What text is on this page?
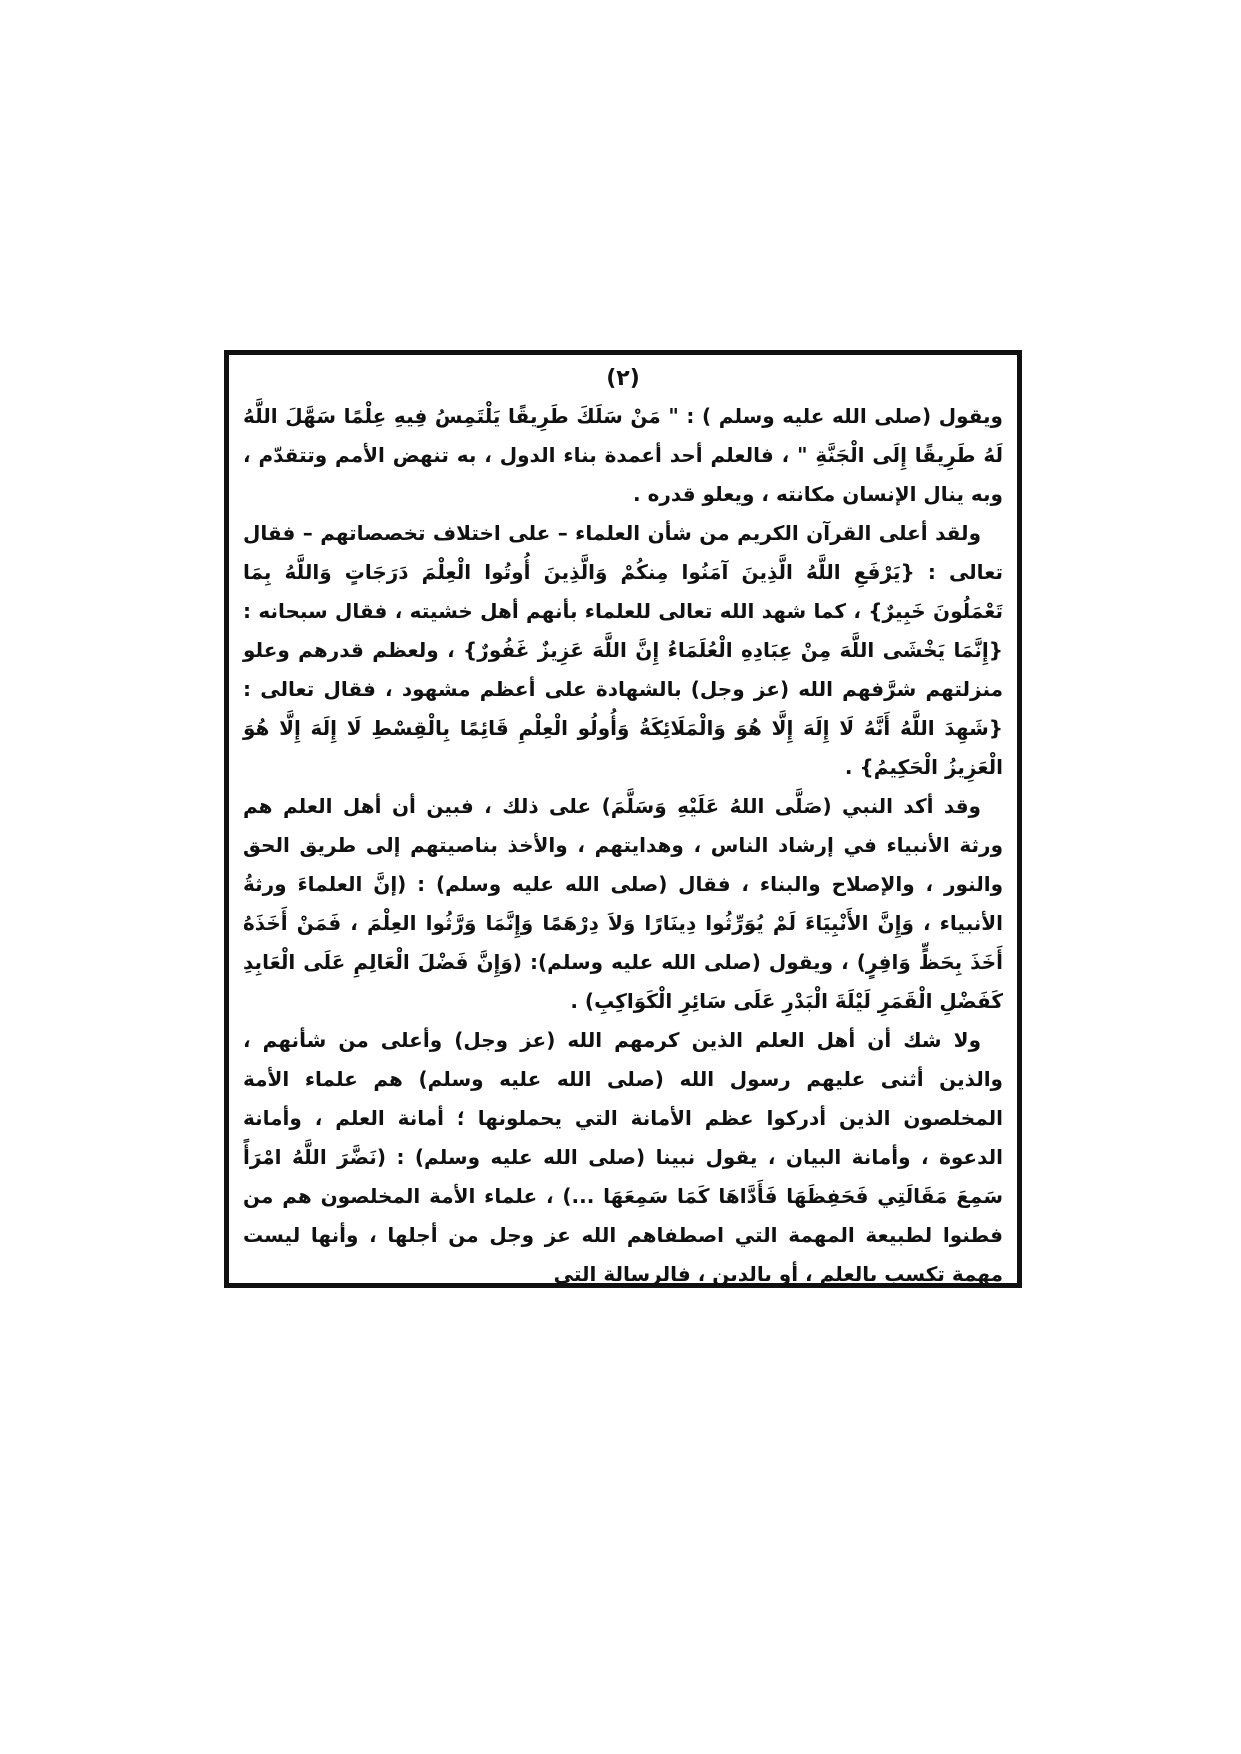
(٢)

ويقول (صلى الله عليه وسلم ) : " مَنْ سَلَكَ طَرِيقًا يَلْتَمِسُ فِيهِ عِلْمًا سَهَّلَ اللَّهُ لَهُ طَرِيقًا إِلَى الْجَنَّةِ " ، فالعلم أحد أعمدة بناء الدول ، به تنهض الأمم وتتقدّم ، وبه ينال الإنسان مكانته ، ويعلو قدره .

ولقد أعلى القرآن الكريم من شأن العلماء – على اختلاف تخصصاتهم – فقال تعالى : {يَرْفَعِ اللَّهُ الَّذِينَ آمَنُوا مِنكُمْ وَالَّذِينَ أُوتُوا الْعِلْمَ دَرَجَاتٍ وَاللَّهُ بِمَا تَعْمَلُونَ خَبِيرٌ} ، كما شهد الله تعالى للعلماء بأنهم أهل خشيته ، فقال سبحانه : {إِنَّمَا يَخْشَى اللَّهَ مِنْ عِبَادِهِ الْعُلَمَاءُ إِنَّ اللَّهَ عَزِيزٌ غَفُورٌ} ، ولعظم قدرهم وعلو منزلتهم شرَّفهم الله (عز وجل) بالشهادة على أعظم مشهود ، فقال تعالى : {شَهِدَ اللَّهُ أَنَّهُ لَا إِلَهَ إِلَّا هُوَ وَالْمَلَائِكَةُ وَأُولُو الْعِلْمِ قَائِمًا بِالْقِسْطِ لَا إِلَهَ إِلَّا هُوَ الْعَزِيزُ الْحَكِيمُ} .

وقد أكد النبي (صَلَّى اللهُ عَلَيْهِ وَسَلَّمَ) على ذلك ، فبين أن أهل العلم هم ورثة الأنبياء في إرشاد الناس ، وهدايتهم ، والأخذ بناصيتهم إلى طريق الحق والنور ، والإصلاح والبناء ، فقال (صلى الله عليه وسلم) : (إنَّ العلماءَ ورثةُ الأنبياء ، وَإِنَّ الأَنْبِيَاءَ لَمْ يُوَرِّثُوا دِينَارًا وَلاَ دِرْهَمًا وَإِنَّمَا وَرَّثُوا العِلْمَ ، فَمَنْ أَخَذَهُ أَخَذَ بِحَظٍّ وَافِرٍ) ، ويقول (صلى الله عليه وسلم): (وَإِنَّ فَضْلَ الْعَالِمِ عَلَى الْعَابِدِ كَفَضْلِ الْقَمَرِ لَيْلَةَ الْبَدْرِ عَلَى سَائِرِ الْكَوَاكِبِ) .

ولا شك أن أهل العلم الذين كرمهم الله (عز وجل) وأعلى من شأنهم ، والذين أثنى عليهم رسول الله (صلى الله عليه وسلم) هم علماء الأمة المخلصون الذين أدركوا عظم الأمانة التي يحملونها ؛ أمانة العلم ، وأمانة الدعوة ، وأمانة البيان ، يقول نبينا (صلى الله عليه وسلم) : (نَضَّرَ اللَّهُ امْرَأً سَمِعَ مَقَالَتِي فَحَفِظَهَا فَأَدَّاهَا كَمَا سَمِعَهَا ...) ، علماء الأمة المخلصون هم من فطنوا لطبيعة المهمة التي اصطفاهم الله عز وجل من أجلها ، وأنها ليست مهمة تكسب بالعلم ، أو بالدين ، فالرسالة التي
